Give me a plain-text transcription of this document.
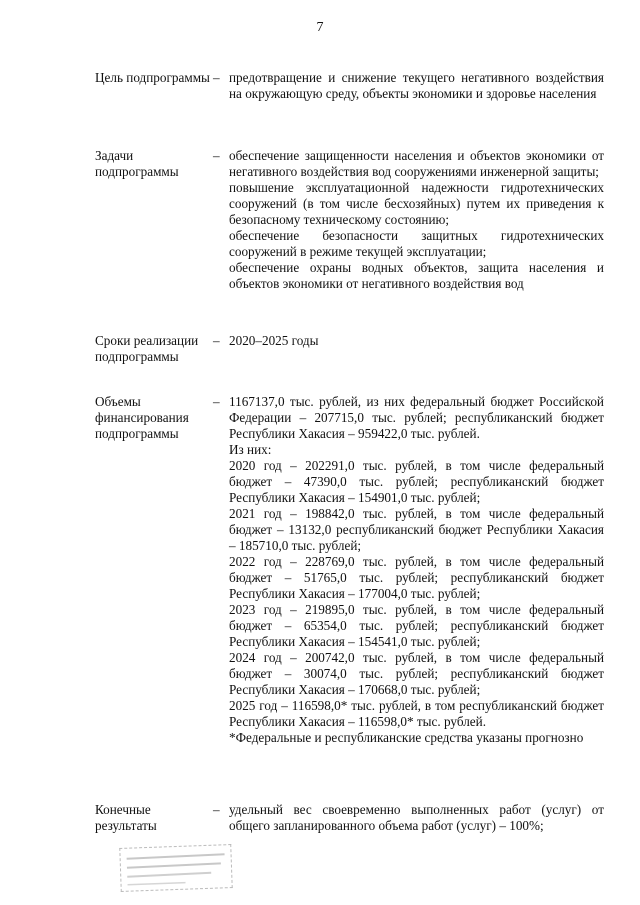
7
Цель подпрограммы – предотвращение и снижение текущего негативного воздействия на окружающую среду, объекты экономики и здоровье населения

Задачи подпрограммы
– обеспечение защищенности населения и объектов экономики от негативного воздействия вод сооружениями инженерной защиты;

повышение эксплуатационной надежности гидротехнических сооружений (в том числе бесхозяйных) путем их приведения к безопасному техническому состоянию;

обеспечение безопасности защитных гидротехнических сооружений в режиме текущей эксплуатации;

обеспечение охраны водных объектов, защита населения и объектов экономики от негативного воздействия вод

Сроки реализации подпрограммы
– 2020–2025 годы

Объемы финансирования подпрограммы
– 1167137,0 тыс. рублей, из них федеральный бюджет Российской Федерации – 207715,0 тыс. рублей; республиканский бюджет Республики Хакасия – 959422,0 тыс. рублей.

Из них:

2020 год – 202291,0 тыс. рублей, в том числе федеральный бюджет – 47390,0 тыс. рублей; республиканский бюджет Республики Хакасия – 154901,0 тыс. рублей;

2021 год – 198842,0 тыс. рублей, в том числе федеральный бюджет – 13132,0 республиканский бюджет Республики Хакасия – 185710,0 тыс. рублей;

2022 год – 228769,0 тыс. рублей, в том числе федеральный бюджет – 51765,0 тыс. рублей; республиканский бюджет Республики Хакасия – 177004,0 тыс. рублей;

2023 год – 219895,0 тыс. рублей, в том числе федеральный бюджет – 65354,0 тыс. рублей; республиканский бюджет Республики Хакасия – 154541,0 тыс. рублей;

2024 год – 200742,0 тыс. рублей, в том числе федеральный бюджет – 30074,0 тыс. рублей; республиканский бюджет Республики Хакасия – 170668,0 тыс. рублей;

2025 год – 116598,0* тыс. рублей, в том республиканский бюджет Республики Хакасия – 116598,0* тыс. рублей.

*Федеральные и республиканские средства указаны прогнозно

Конечные результаты
– удельный вес своевременно выполненных работ (услуг) от общего запланированного объема работ (услуг) – 100%;
